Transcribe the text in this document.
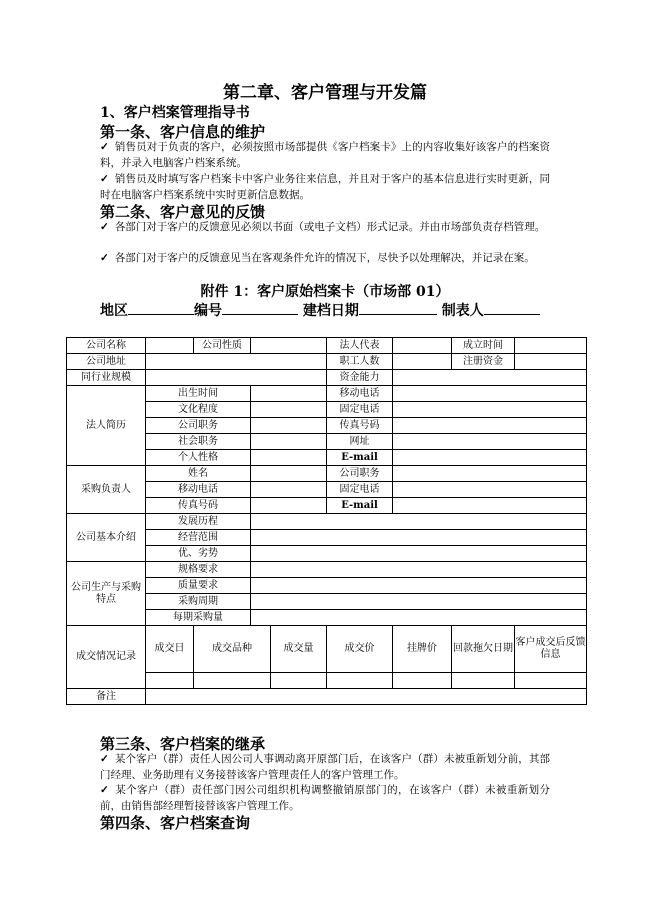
第二章、客户管理与开发篇
1、客户档案管理指导书
第一条、客户信息的维护
✓ 销售员对于负责的客户，必须按照市场部提供《客户档案卡》上的内容收集好该客户的档案资料，并录入电脑客户档案系统。
✓ 销售员及时填写客户档案卡中客户业务往来信息，并且对于客户的基本信息进行实时更新，同时在电脑客户档案系统中实时更新信息数据。
第二条、客户意见的反馈
✓ 各部门对于客户的反馈意见必须以书面（或电子文档）形式记录。并由市场部负责存档管理。
✓ 各部门对于客户的反馈意见当在客观条件允许的情况下，尽快予以处理解决，并记录在案。
附件 1：客户原始档案卡（市场部 01）
地区	编号	建档日期	制表人
公司名称		公司性质			法人代表		成立时间	
公司地址					职工人数		注册资金	
同行业规模					资金能力			
法人简历	出生时间				移动电话			
	文化程度				固定电话			
	公司职务				传真号码			
	社会职务				网址			
	个人性格				E-mail			
采购负责人	姓名				公司职务			
	移动电话				固定电话			
	传真号码				E-mail			
公司基本介绍	发展历程							
	经营范围							
	优、劣势							
公司生产与采购特点	规格要求							
	质量要求							
	采购周期							
	每期采购量							
成交情况记录	成交日	成交品种		成交量	成交价	挂牌价	回款拖欠日期	客户成交后反馈信息

备注								
第三条、客户档案的继承
✓ 某个客户（群）责任人因公司人事调动离开原部门后，在该客户（群）未被重新划分前，其部门经理、业务助理有义务接替该客户管理责任人的客户管理工作。
✓ 某个客户（群）责任部门因公司组织机构调整撤销原部门的，在该客户（群）未被重新划分前，由销售部经理暂接替该客户管理工作。
第四条、客户档案查询
